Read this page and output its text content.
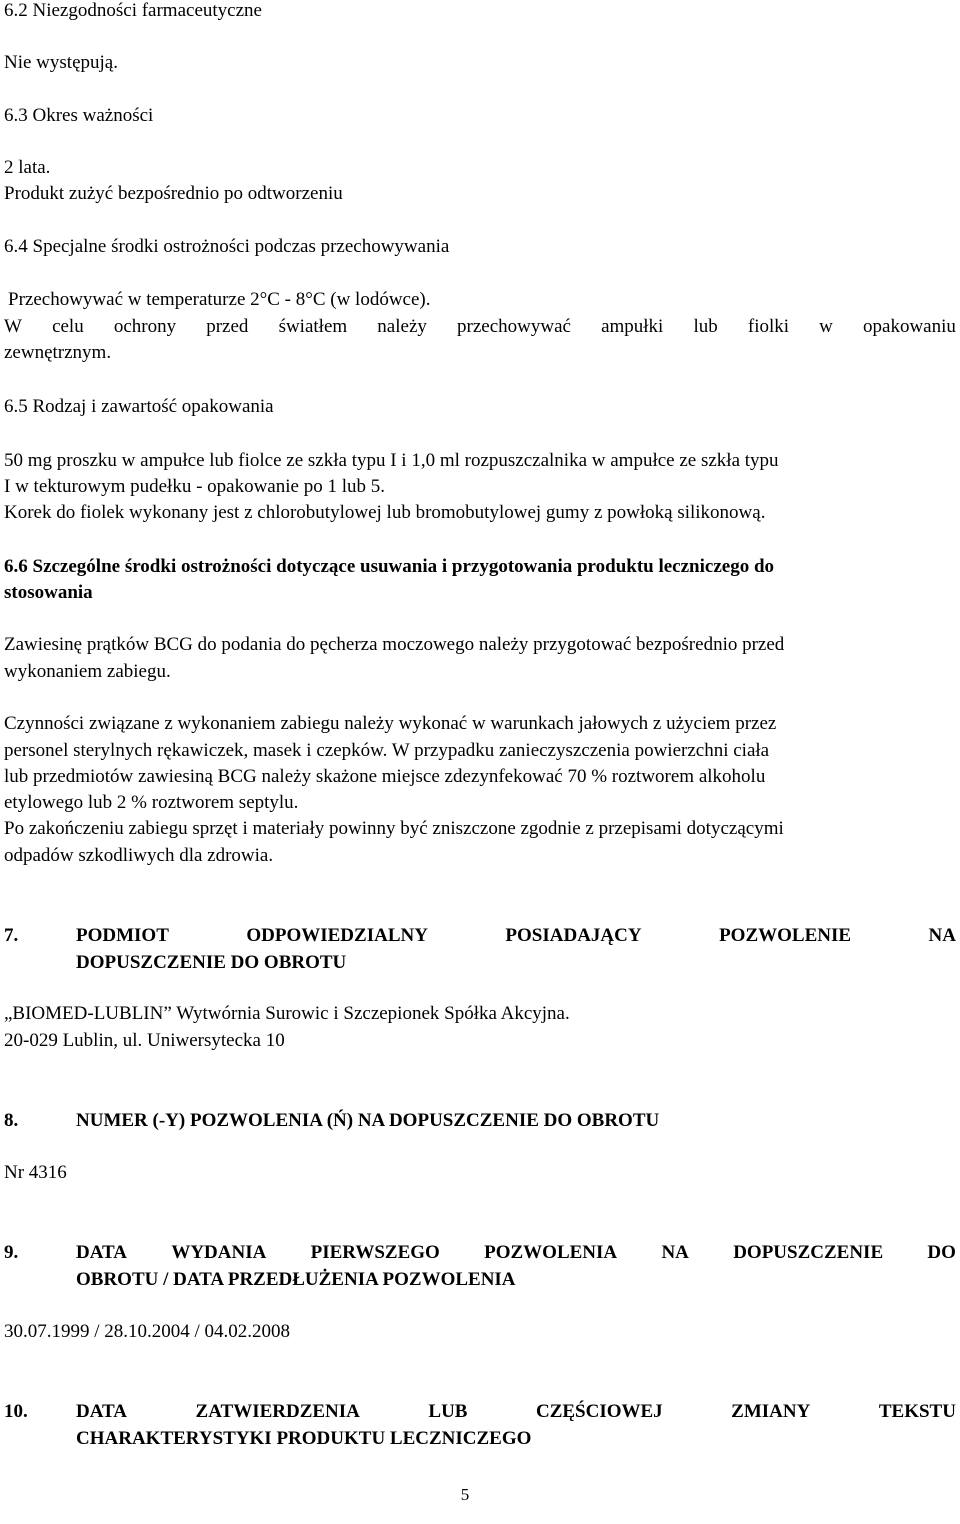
6.2 Niezgodności farmaceutyczne
Nie występują.
6.3 Okres ważności
2 lata.
Produkt zużyć bezpośrednio po odtworzeniu
6.4 Specjalne środki ostrożności podczas przechowywania
Przechowywać w temperaturze 2°C - 8°C (w lodówce).
W celu ochrony przed światłem należy przechowywać ampułki lub fiolki w opakowaniu
zewnętrznym.
6.5 Rodzaj i zawartość opakowania
50 mg proszku w ampułce lub fiolce ze szkła typu I i 1,0 ml rozpuszczalnika w ampułce ze szkła typu
I w tekturowym pudełku - opakowanie po 1 lub 5.
Korek do fiolek wykonany jest z chlorobutylowej lub bromobutylowej gumy z powłoką silikonową.
6.6 Szczególne środki ostrożności dotyczące usuwania i przygotowania produktu leczniczego do
stosowania
Zawiesinę prątków BCG do podania do pęcherza moczowego należy przygotować bezpośrednio przed
wykonaniem zabiegu.
Czynności związane z wykonaniem zabiegu należy wykonać w warunkach jałowych z użyciem przez
personel sterylnych rękawiczek, masek i czepków. W przypadku zanieczyszczenia powierzchni ciała
lub przedmiotów zawiesiną BCG należy skażone miejsce zdezynfekować 70 % roztworem alkoholu
etylowego lub 2 % roztworem septylu.
Po zakończeniu zabiegu sprzęt i materiały powinny być zniszczone zgodnie z przepisami dotyczącymi
odpadów szkodliwych dla zdrowia.
7.	PODMIOT	ODPOWIEDZIALNY	POSIADAJĄCY	POZWOLENIE	NA
DOPUSZCZENIE DO OBROTU
„BIOMED-LUBLIN” Wytwórnia Surowic i Szczepionek Spółka Akcyjna.
20-029 Lublin, ul. Uniwersytecka 10
8.	NUMER (-Y) POZWOLENIA (Ń) NA DOPUSZCZENIE DO OBROTU
Nr 4316
9.	DATA WYDANIA PIERWSZEGO POZWOLENIA NA DOPUSZCZENIE DO
OBROTU / DATA PRZEDŁUŻENIA POZWOLENIA
30.07.1999 / 28.10.2004 / 04.02.2008
10.	DATA	ZATWIERDZENIA	LUB	CZĘŚCIOWEJ	ZMIANY	TEKSTU
CHARAKTERYSTYKI PRODUKTU LECZNICZEGO
5
